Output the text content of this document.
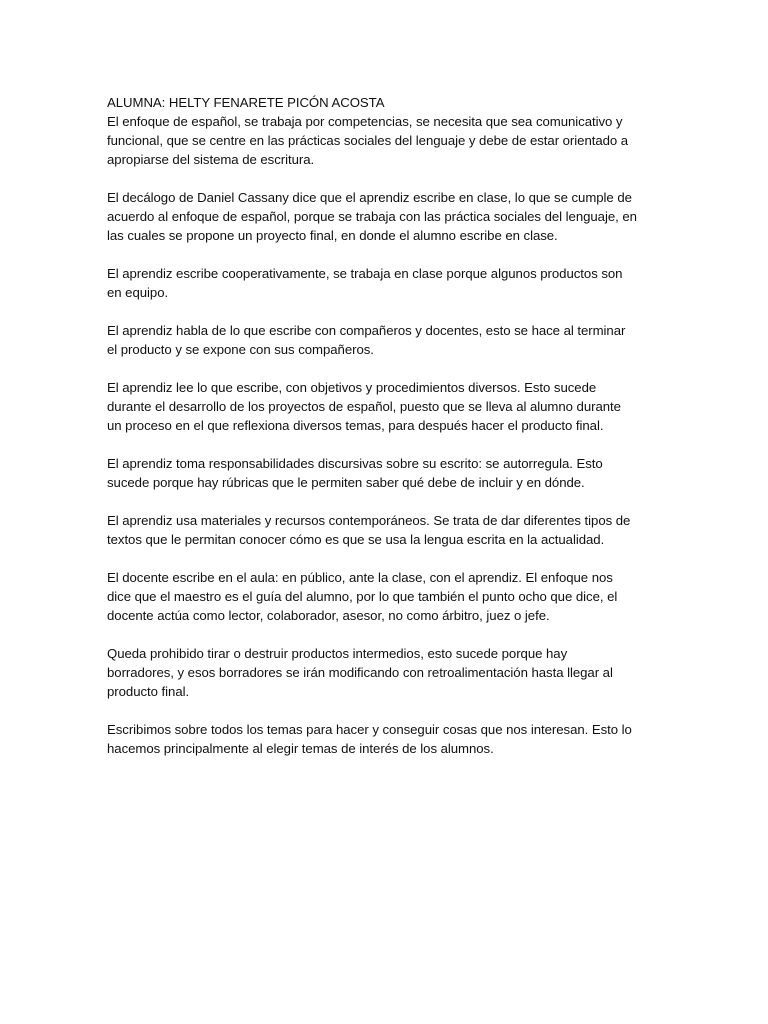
ALUMNA: HELTY FENARETE PICÓN ACOSTA
El enfoque de español, se trabaja por competencias, se necesita que sea comunicativo y
funcional, que se centre en las prácticas sociales del lenguaje y debe de estar orientado a
apropiarse del sistema de escritura.
El decálogo de Daniel Cassany dice que el aprendiz escribe en clase, lo que se cumple de
acuerdo al enfoque de español, porque se trabaja con las práctica sociales del lenguaje, en
las cuales se propone un proyecto final, en donde el alumno escribe en clase.
El aprendiz escribe cooperativamente, se trabaja en clase porque algunos productos son
en equipo.
El aprendiz habla de lo que escribe con compañeros y docentes, esto se hace al terminar
el producto y se expone con sus compañeros.
El aprendiz lee lo que escribe, con objetivos y procedimientos diversos. Esto sucede
durante el desarrollo de los proyectos de español, puesto que se lleva al alumno durante
un proceso en el que reflexiona diversos temas, para después hacer el producto final.
El aprendiz toma responsabilidades discursivas sobre su escrito: se autorregula. Esto
sucede porque hay rúbricas que le permiten saber qué debe de incluir y en dónde.
El aprendiz usa materiales y recursos contemporáneos. Se trata de dar diferentes tipos de
textos que le permitan conocer cómo es que se usa la lengua escrita en la actualidad.
El docente escribe en el aula: en público, ante la clase, con el aprendiz. El enfoque nos
dice que el maestro es el guía del alumno, por lo que también el punto ocho que dice, el
docente actúa como lector, colaborador, asesor, no como árbitro, juez o jefe.
Queda prohibido tirar o destruir productos intermedios, esto sucede porque hay
borradores, y esos borradores se irán modificando con retroalimentación hasta llegar al
producto final.
Escribimos sobre todos los temas para hacer y conseguir cosas que nos interesan. Esto lo
hacemos principalmente al elegir temas de interés de los alumnos.
